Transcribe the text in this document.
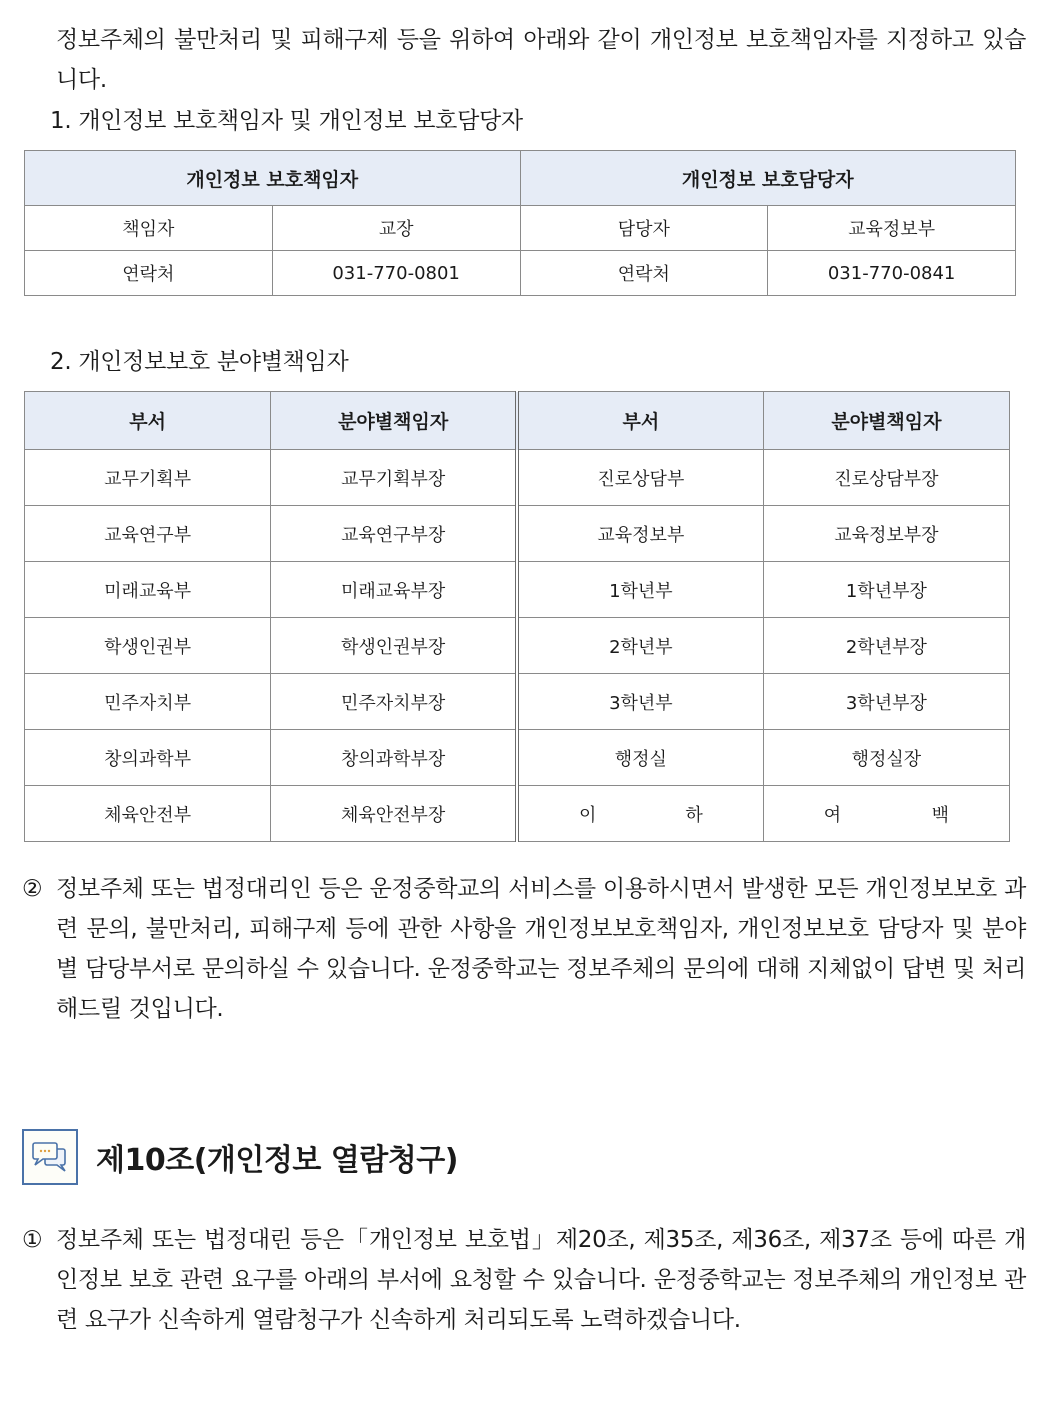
정보주체의 불만처리 및 피해구제 등을 위하여 아래와 같이 개인정보 보호책임자를 지정하고 있습니다.
1. 개인정보 보호책임자 및 개인정보 보호담당자
개인정보 보호책임자		개인정보 보호담당자	
책임자	교장	담당자	교육정보부
연락처	031-770-0801	연락처	031-770-0841
2. 개인정보보호 분야별책임자
부서	분야별책임자	부서	분야별책임자
교무기획부	교무기획부장	진로상담부	진로상담부장
교육연구부	교육연구부장	교육정보부	교육정보부장
미래교육부	미래교육부장	1학년부	1학년부장
학생인권부	학생인권부장	2학년부	2학년부장
민주자치부	민주자치부장	3학년부	3학년부장
창의과학부	창의과학부장	행정실	행정실장
체육안전부	체육안전부장	이 하	여 백
② 정보주체 또는 법정대리인 등은 운정중학교의 서비스를 이용하시면서 발생한 모든 개인정보보호 과련 문의, 불만처리, 피해구제 등에 관한 사항을 개인정보보호책임자, 개인정보보호 담당자 및 분야별 담당부서로 문의하실 수 있습니다. 운정중학교는 정보주체의 문의에 대해 지체없이 답변 및 처리해드릴 것입니다.
제10조(개인정보 열람청구)
① 정보주체 또는 법정대린 등은「개인정보 보호법」제20조, 제35조, 제36조, 제37조 등에 따른 개인정보 보호 관련 요구를 아래의 부서에 요청할 수 있습니다. 운정중학교는 정보주체의 개인정보 관련 요구가 신속하게 열람청구가 신속하게 처리되도록 노력하겠습니다.
